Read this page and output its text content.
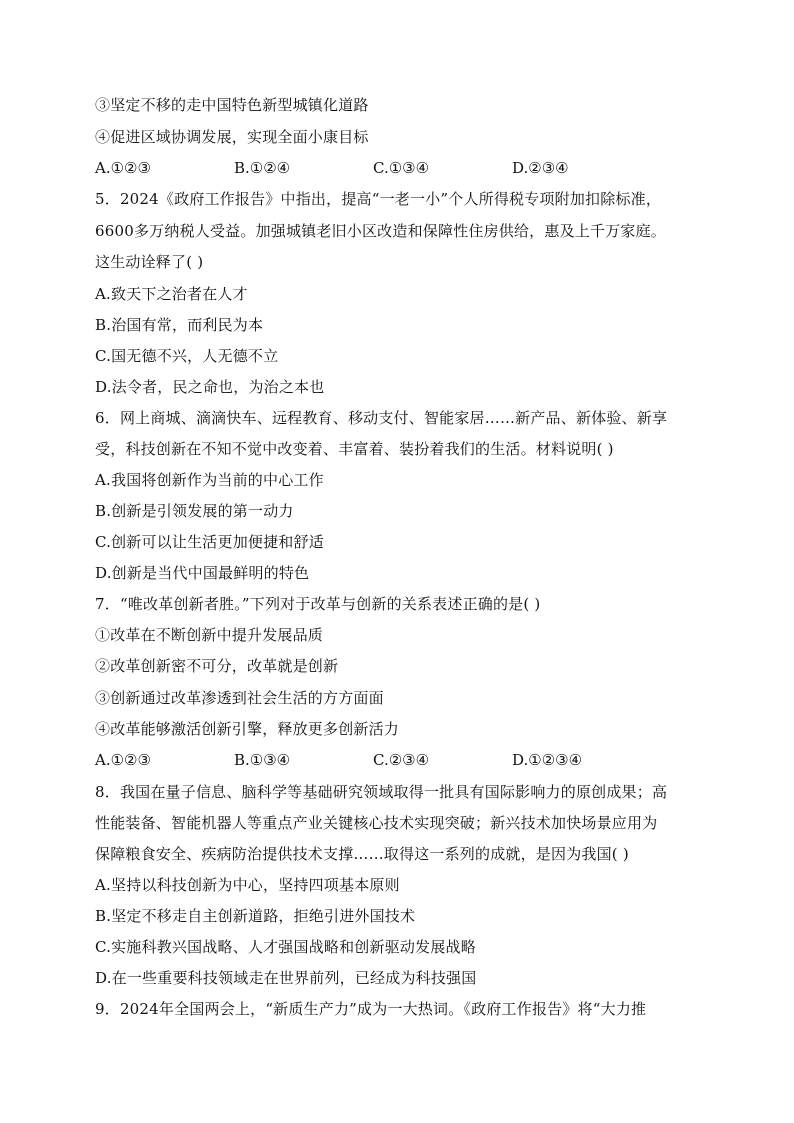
③坚定不移的走中国特色新型城镇化道路
④促进区域协调发展，实现全面小康目标
A.①②③	B.①②④	C.①③④	D.②③④
5．2024《政府工作报告》中指出，提高“一老一小”个人所得税专项附加扣除标准，
6600多万纳税人受益。加强城镇老旧小区改造和保障性住房供给，惠及上千万家庭。
这生动诠释了( )
A.致天下之治者在人才
B.治国有常，而利民为本
C.国无德不兴，人无德不立
D.法令者，民之命也，为治之本也
6．网上商城、滴滴快车、远程教育、移动支付、智能家居……新产品、新体验、新享
受，科技创新在不知不觉中改变着、丰富着、装扮着我们的生活。材料说明( )
A.我国将创新作为当前的中心工作
B.创新是引领发展的第一动力
C.创新可以让生活更加便捷和舒适
D.创新是当代中国最鲜明的特色
7．“唯改革创新者胜。”下列对于改革与创新的关系表述正确的是( )
①改革在不断创新中提升发展品质
②改革创新密不可分，改革就是创新
③创新通过改革渗透到社会生活的方方面面
④改革能够激活创新引擎，释放更多创新活力
A.①②③	B.①③④	C.②③④	D.①②③④
8．我国在量子信息、脑科学等基础研究领域取得一批具有国际影响力的原创成果；高
性能装备、智能机器人等重点产业关键核心技术实现突破；新兴技术加快场景应用为
保障粮食安全、疾病防治提供技术支撑……取得这一系列的成就，是因为我国( )
A.坚持以科技创新为中心，坚持四项基本原则
B.坚定不移走自主创新道路，拒绝引进外国技术
C.实施科教兴国战略、人才强国战略和创新驱动发展战略
D.在一些重要科技领域走在世界前列，已经成为科技强国
9．2024年全国两会上，“新质生产力”成为一大热词。《政府工作报告》将“大力推
